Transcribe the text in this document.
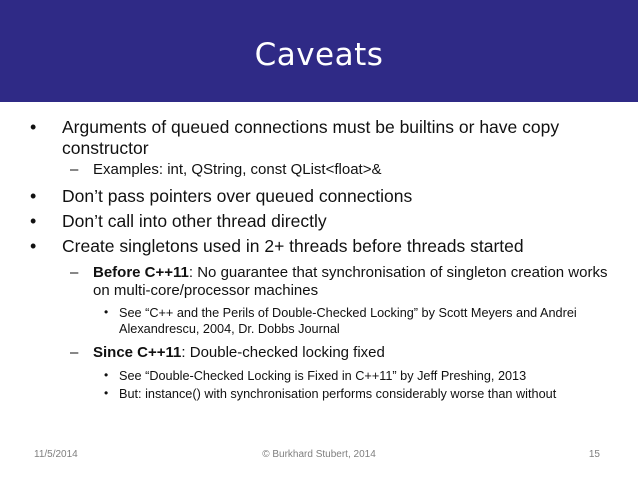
Caveats
• Arguments of queued connections must be builtins or have copy constructor
– Examples: int, QString, const QList<float>&
• Don’t pass pointers over queued connections
• Don’t call into other thread directly
• Create singletons used in 2+ threads before threads started
– Before C++11: No guarantee that synchronisation of singleton creation works on multi-core/processor machines
• See “C++ and the Perils of Double-Checked Locking” by Scott Meyers and Andrei Alexandrescu, 2004, Dr. Dobbs Journal
– Since C++11: Double-checked locking fixed
• See “Double-Checked Locking is Fixed in C++11” by Jeff Preshing, 2013
• But: instance() with synchronisation performs considerably worse than without
11/5/2014	© Burkhard Stubert, 2014	15
